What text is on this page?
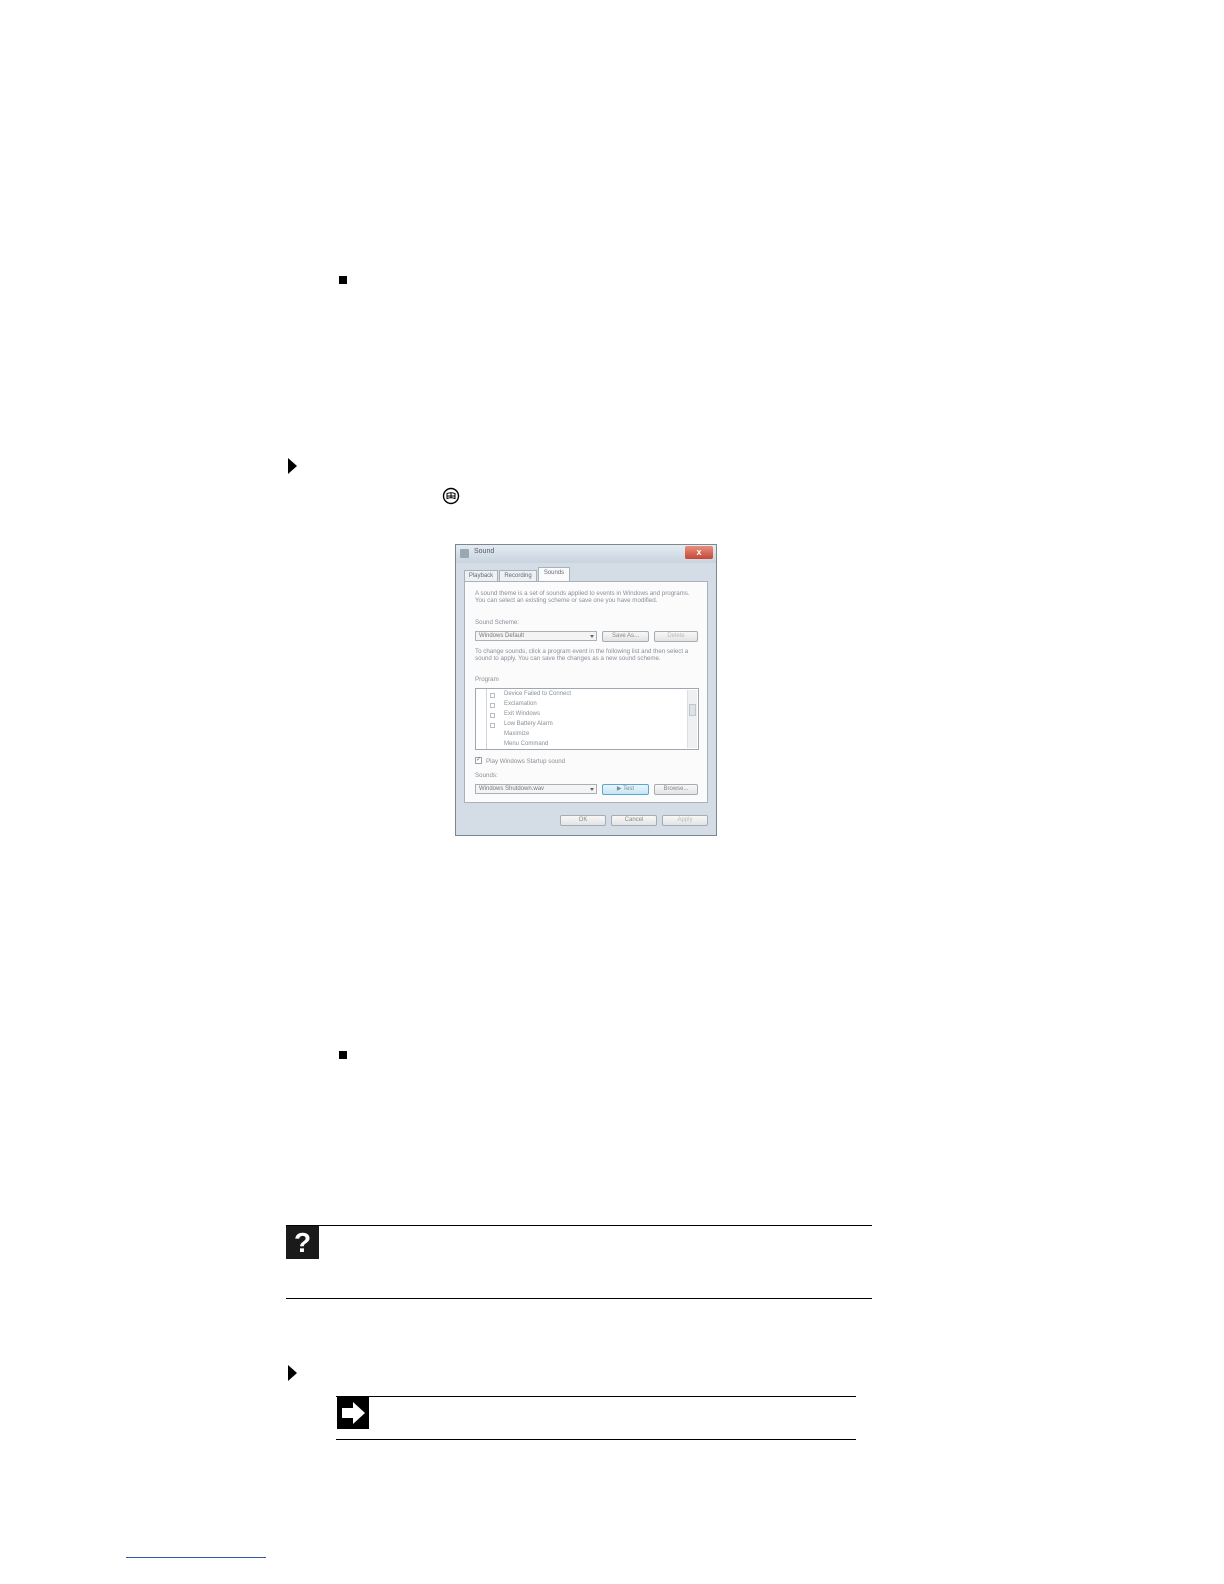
Sound	x
Playback	Recording	Sounds
A sound theme is a set of sounds applied to events in Windows and programs. You can select an existing scheme or save one you have modified.
Sound Scheme:
Windows Default	Save As...	Delete
To change sounds, click a program event in the following list and then select a sound to apply. You can save the changes as a new sound scheme.
Program
Device Failed to Connect
Exclamation
Exit Windows
Low Battery Alarm
Maximize
Menu Command
✓ Play Windows Startup sound
Sounds:
Windows Shutdown.wav	▶ Test	Browse...
OK	Cancel	Apply
?
